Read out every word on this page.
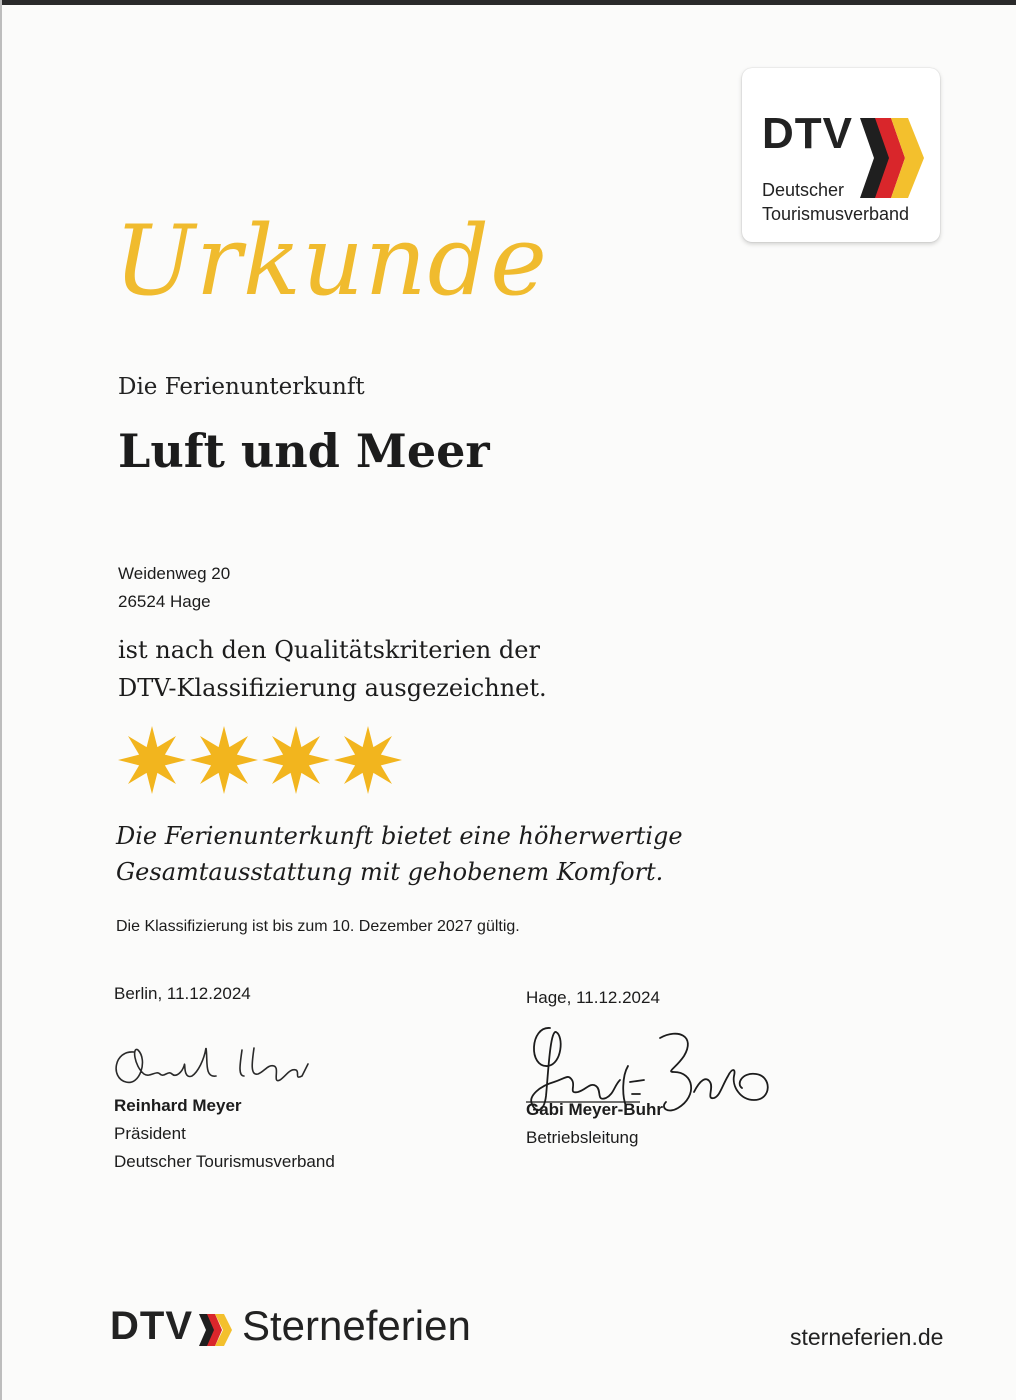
DTV
Deutscher
Tourismusverband
Urkunde
Die Ferienunterkunft
Luft und Meer
Weidenweg 20
26524 Hage
ist nach den Qualitätskriterien der
DTV-Klassifizierung ausgezeichnet.
Die Ferienunterkunft bietet eine höherwertige
Gesamtausstattung mit gehobenem Komfort.
Die Klassifizierung ist bis zum 10. Dezember 2027 gültig.
Berlin, 11.12.2024	Hage, 11.12.2024
Reinhard Meyer
Präsident
Deutscher Tourismusverband
Gabi Meyer-Buhr
Betriebsleitung
DTV Sterneferien	sterneferien.de
